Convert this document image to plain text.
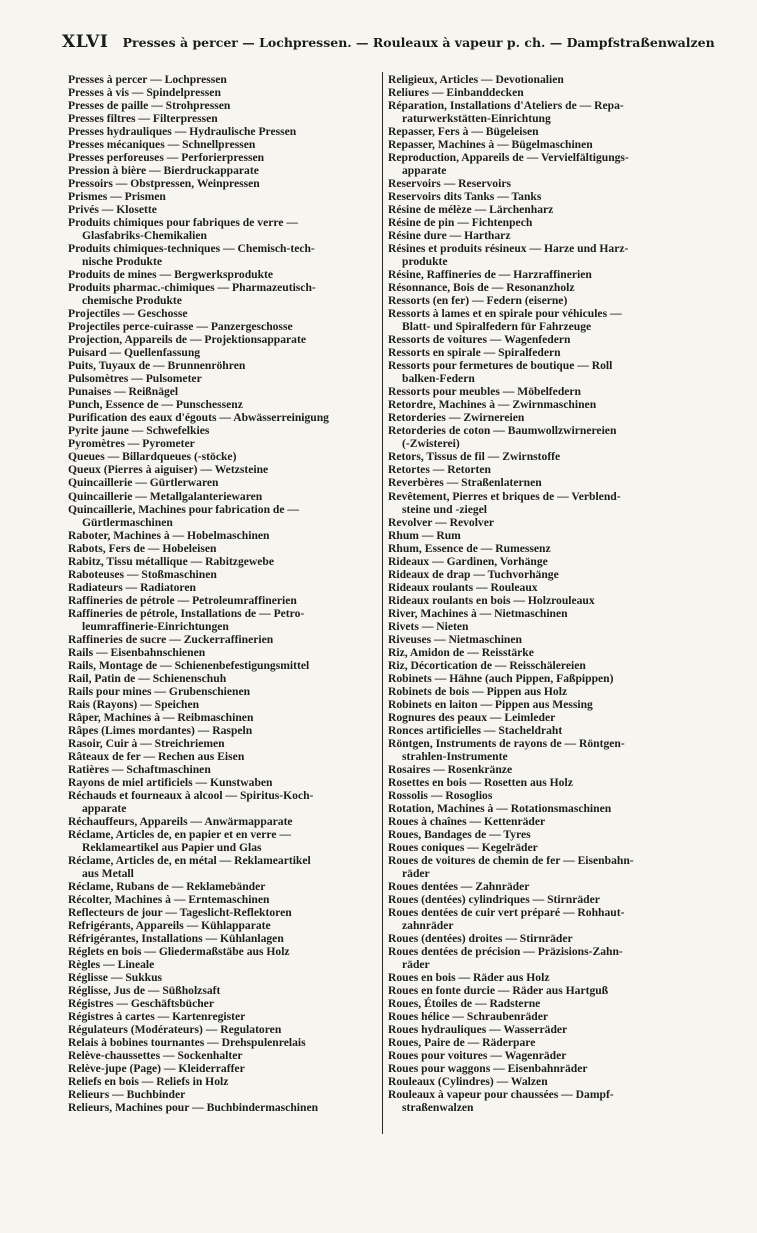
XLVI Presses à percer — Lochpressen. — Rouleaux à vapeur p. ch. — Dampfstraßenwalzen
Presses à percer — Lochpressen
Presses à vis — Spindelpressen
Presses de paille — Strohpressen
Presses filtres — Filterpressen
Presses hydrauliques — Hydraulische Pressen
Presses mécaniques — Schnellpressen
Presses perforeuses — Perforierpressen
Pression à bière — Bierdruckapparate
Pressoirs — Obstpressen, Weinpressen
Prismes — Prismen
Privés — Klosette
Produits chimiques pour fabriques de verre —
Glasfabriks-Chemikalien
Produits chimiques-techniques — Chemisch-tech-
nische Produkte
Produits de mines — Bergwerksprodukte
Produits pharmac.-chimiques — Pharmazeutisch-
chemische Produkte
Projectiles — Geschosse
Projectiles perce-cuirasse — Panzergeschosse
Projection, Appareils de — Projektionsapparate
Puisard — Quellenfassung
Puits, Tuyaux de — Brunnenröhren
Pulsomètres — Pulsometer
Punaises — Reißnägel
Punch, Essence de — Punschessenz
Purification des eaux d'égouts — Abwässerreinigung
Pyrite jaune — Schwefelkies
Pyromètres — Pyrometer
Queues — Billardqueues (-stöcke)
Queux (Pierres à aiguiser) — Wetzsteine
Quincaillerie — Gürtlerwaren
Quincaillerie — Metallgalanteriewaren
Quincaillerie, Machines pour fabrication de —
Gürtlermaschinen
Raboter, Machines à — Hobelmaschinen
Rabots, Fers de — Hobeleisen
Rabitz, Tissu métallique — Rabitzgewebe
Raboteuses — Stoßmaschinen
Radiateurs — Radiatoren
Raffineries de pétrole — Petroleumraffinerien
Raffineries de pétrole, Installations de — Petro-
leumraffinerie-Einrichtungen
Raffineries de sucre — Zuckerraffinerien
Rails — Eisenbahnschienen
Rails, Montage de — Schienenbefestigungsmittel
Rail, Patin de — Schienenschuh
Rails pour mines — Grubenschienen
Rais (Rayons) — Speichen
Râper, Machines à — Reibmaschinen
Râpes (Limes mordantes) — Raspeln
Rasoir, Cuir à — Streichriemen
Râteaux de fer — Rechen aus Eisen
Ratières — Schaftmaschinen
Rayons de miel artificiels — Kunstwaben
Réchauds et fourneaux à alcool — Spiritus-Koch-
apparate
Réchauffeurs, Appareils — Anwärmapparate
Réclame, Articles de, en papier et en verre —
Reklameartikel aus Papier und Glas
Réclame, Articles de, en métal — Reklameartikel
aus Metall
Réclame, Rubans de — Reklamebänder
Récolter, Machines à — Erntemaschinen
Reflecteurs de jour — Tageslicht-Reflektoren
Refrigérants, Appareils — Kühlapparate
Réfrigérantes, Installations — Kühlanlagen
Réglets en bois — Gliedermaßstäbe aus Holz
Règles — Lineale
Réglisse — Sukkus
Réglisse, Jus de — Süßholzsaft
Régistres — Geschäftsbücher
Régistres à cartes — Kartenregister
Régulateurs (Modérateurs) — Regulatoren
Relais à bobines tournantes — Drehspulenrelais
Relève-chaussettes — Sockenhalter
Relève-jupe (Page) — Kleiderraffer
Reliefs en bois — Reliefs in Holz
Relieurs — Buchbinder
Relieurs, Machines pour — Buchbindermaschinen
Religieux, Articles — Devotionalien
Reliures — Einbanddecken
Réparation, Installations d'Ateliers de — Repa-
raturwerkstätten-Einrichtung
Repasser, Fers à — Bügeleisen
Repasser, Machines à — Bügelmaschinen
Reproduction, Appareils de — Vervielfältigungs-
apparate
Reservoirs — Reservoirs
Reservoirs dits Tanks — Tanks
Résine de mélèze — Lärchenharz
Résine de pin — Fichtenpech
Résine dure — Hartharz
Résines et produits résineux — Harze und Harz-
produkte
Résine, Raffineries de — Harzraffinerien
Résonnance, Bois de — Resonanzholz
Ressorts (en fer) — Federn (eiserne)
Ressorts à lames et en spirale pour véhicules —
Blatt- und Spiralfedern für Fahrzeuge
Ressorts de voitures — Wagenfedern
Ressorts en spirale — Spiralfedern
Ressorts pour fermetures de boutique — Roll
balken-Federn
Ressorts pour meubles — Möbelfedern
Retordre, Machines à — Zwirnmaschinen
Retorderies — Zwirnereien
Retorderies de coton — Baumwollzwirnereien
(-Zwisterei)
Retors, Tissus de fil — Zwirnstoffe
Retortes — Retorten
Reverbères — Straßenlaternen
Revêtement, Pierres et briques de — Verblend-
steine und -ziegel
Revolver — Revolver
Rhum — Rum
Rhum, Essence de — Rumessenz
Rideaux — Gardinen, Vorhänge
Rideaux de drap — Tuchvorhänge
Rideaux roulants — Rouleaux
Rideaux roulants en bois — Holzrouleaux
River, Machines à — Nietmaschinen
Rivets — Nieten
Riveuses — Nietmaschinen
Riz, Amidon de — Reisstärke
Riz, Décortication de — Reisschälereien
Robinets — Hähne (auch Pippen, Faßpippen)
Robinets de bois — Pippen aus Holz
Robinets en laiton — Pippen aus Messing
Rognures des peaux — Leimleder
Ronces artificielles — Stacheldraht
Röntgen, Instruments de rayons de — Röntgen-
strahlen-Instrumente
Rosaires — Rosenkränze
Rosettes en bois — Rosetten aus Holz
Rossolis — Rosoglios
Rotation, Machines à — Rotationsmaschinen
Roues à chaînes — Kettenräder
Roues, Bandages de — Tyres
Roues coniques — Kegelräder
Roues de voitures de chemin de fer — Eisenbahn-
räder
Roues dentées — Zahnräder
Roues (dentées) cylindriques — Stirnräder
Roues dentées de cuir vert préparé — Rohhaut-
zahnräder
Roues (dentées) droites — Stirnräder
Roues dentées de précision — Präzisions-Zahn-
räder
Roues en bois — Räder aus Holz
Roues en fonte durcie — Räder aus Hartguß
Roues, Étoiles de — Radsterne
Roues hélice — Schraubenräder
Roues hydrauliques — Wasserräder
Roues, Paire de — Räderpare
Roues pour voitures — Wagenräder
Roues pour waggons — Eisenbahnräder
Rouleaux (Cylindres) — Walzen
Rouleaux à vapeur pour chaussées — Dampf-
straßenwalzen
